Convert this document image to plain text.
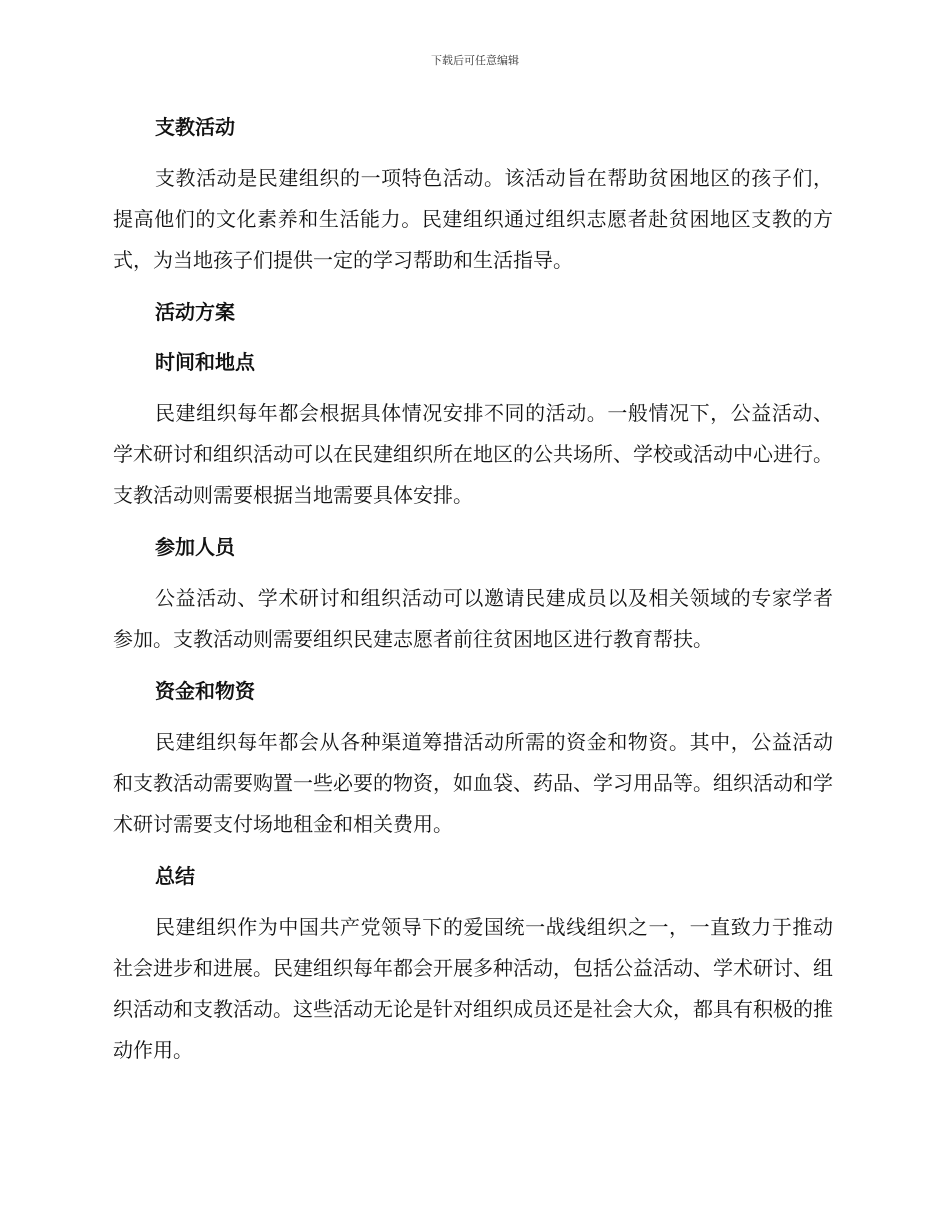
下载后可任意编辑
支教活动

支教活动是民建组织的一项特色活动。该活动旨在帮助贫困地区的孩子们，提高他们的文化素养和生活能力。民建组织通过组织志愿者赴贫困地区支教的方式，为当地孩子们提供一定的学习帮助和生活指导。

活动方案
时间和地点

民建组织每年都会根据具体情况安排不同的活动。一般情况下，公益活动、学术研讨和组织活动可以在民建组织所在地区的公共场所、学校或活动中心进行。支教活动则需要根据当地需要具体安排。

参加人员

公益活动、学术研讨和组织活动可以邀请民建成员以及相关领域的专家学者参加。支教活动则需要组织民建志愿者前往贫困地区进行教育帮扶。

资金和物资

民建组织每年都会从各种渠道筹措活动所需的资金和物资。其中，公益活动和支教活动需要购置一些必要的物资，如血袋、药品、学习用品等。组织活动和学术研讨需要支付场地租金和相关费用。

总结

民建组织作为中国共产党领导下的爱国统一战线组织之一，一直致力于推动社会进步和进展。民建组织每年都会开展多种活动，包括公益活动、学术研讨、组织活动和支教活动。这些活动无论是针对组织成员还是社会大众，都具有积极的推动作用。
